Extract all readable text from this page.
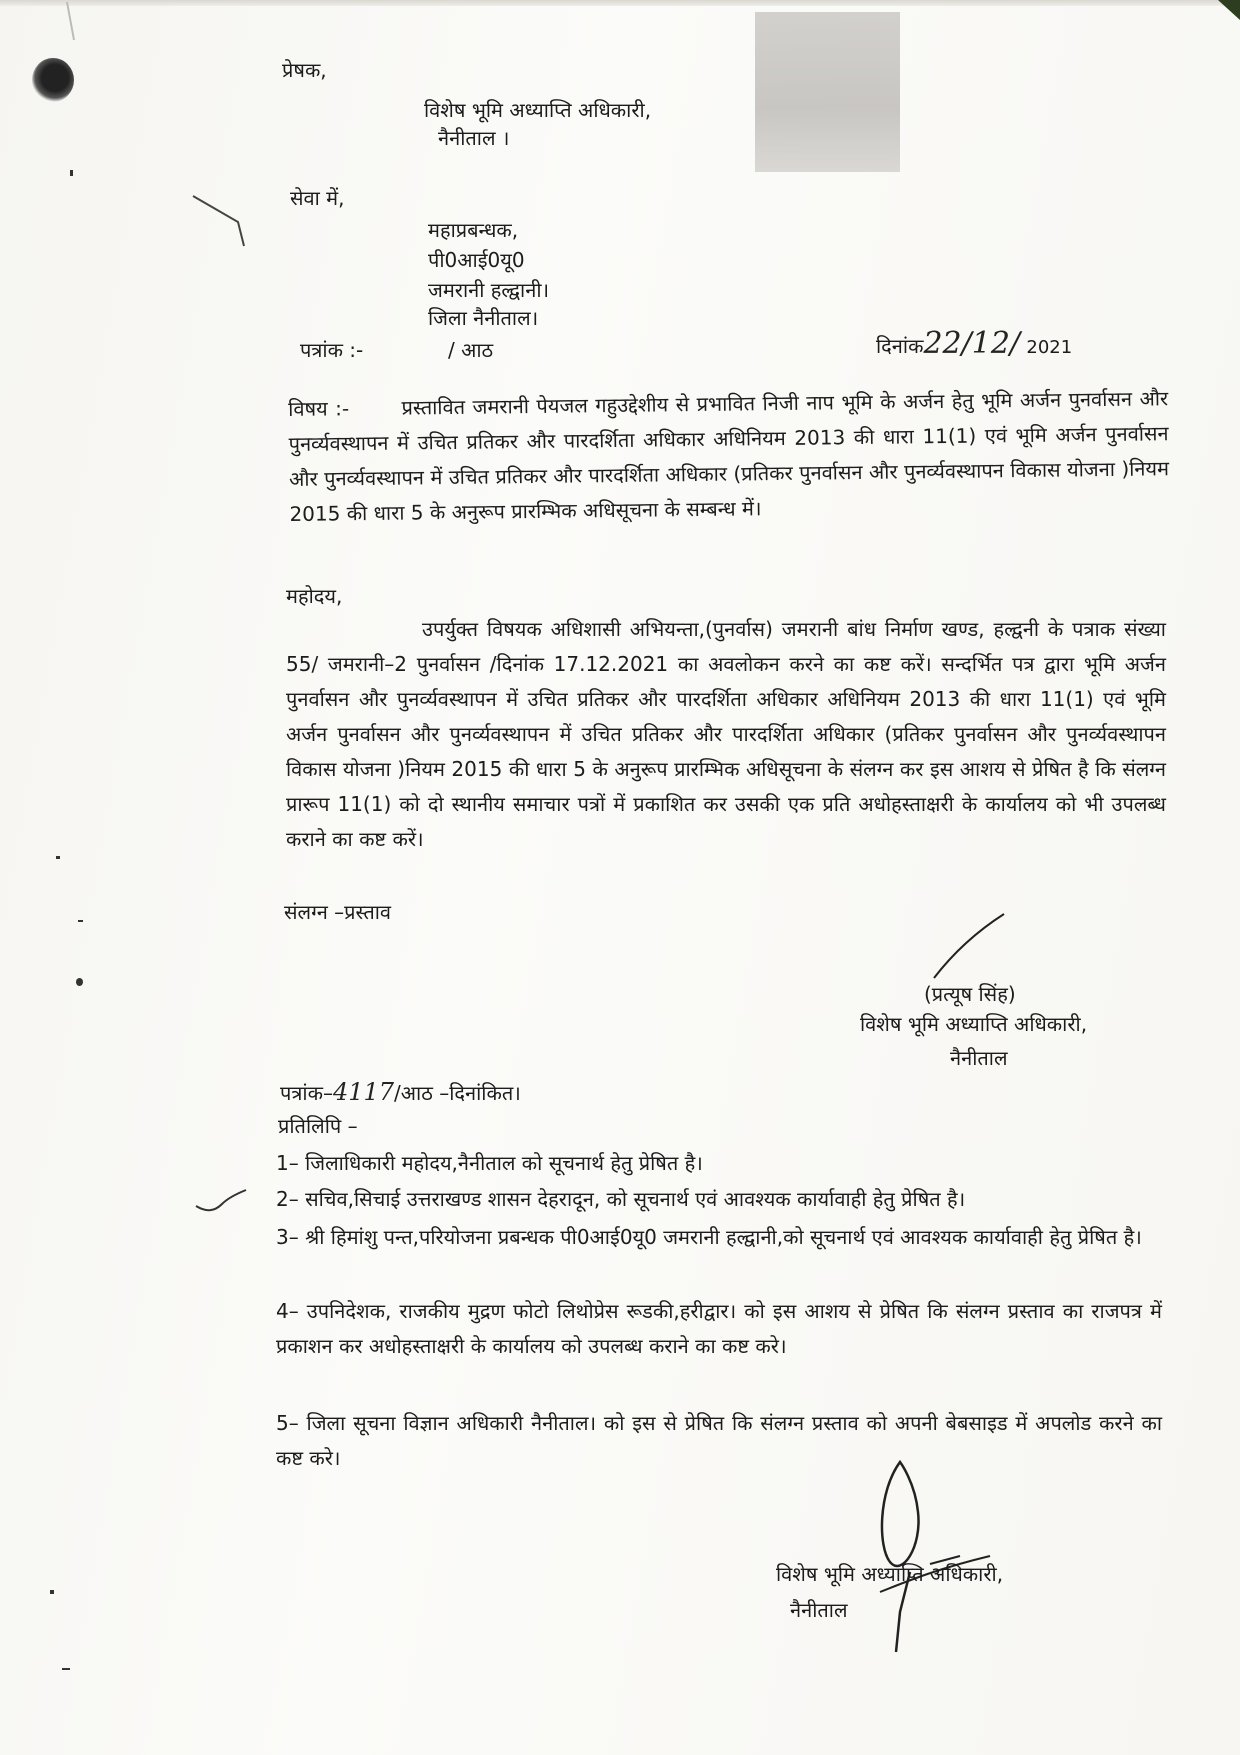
प्रेषक,
विशेष भूमि अध्याप्ति अधिकारी,
नैनीताल ।
सेवा में,
महाप्रबन्धक,
पी0आई0यू0
जमरानी हल्द्वानी।
जिला नैनीताल।
पत्रांक :-	/ आठ	दिनांक22/12/ 2021
विषय :-	प्रस्तावित जमरानी पेयजल गहुउद्देशीय से प्रभावित निजी नाप भूमि के अर्जन हेतु भूमि अर्जन पुनर्वासन और पुनर्व्यवस्थापन में उचित प्रतिकर और पारदर्शिता अधिकार अधिनियम 2013 की धारा 11(1) एवं भूमि अर्जन पुनर्वासन और पुनर्व्यवस्थापन में उचित प्रतिकर और पारदर्शिता अधिकार (प्रतिकर पुनर्वासन और पुनर्व्यवस्थापन विकास योजना )नियम 2015 की धारा 5 के अनुरूप प्रारम्भिक अधिसूचना के सम्बन्ध में।
महोदय,
उपर्युक्त विषयक अधिशासी अभियन्ता,(पुनर्वास) जमरानी बांध निर्माण खण्ड, हल्द्वनी के पत्राक संख्या 55/ जमरानी–2 पुनर्वासन /दिनांक 17.12.2021 का अवलोकन करने का कष्ट करें। सन्दर्भित पत्र द्वारा भूमि अर्जन पुनर्वासन और पुनर्व्यवस्थापन में उचित प्रतिकर और पारदर्शिता अधिकार अधिनियम 2013 की धारा 11(1) एवं भूमि अर्जन पुनर्वासन और पुनर्व्यवस्थापन में उचित प्रतिकर और पारदर्शिता अधिकार (प्रतिकर पुनर्वासन और पुनर्व्यवस्थापन विकास योजना )नियम 2015 की धारा 5 के अनुरूप प्रारम्भिक अधिसूचना के संलग्न कर इस आशय से प्रेषित है कि संलग्न प्रारूप 11(1) को दो स्थानीय समाचार पत्रों में प्रकाशित कर उसकी एक प्रति अधोहस्ताक्षरी के कार्यालय को भी उपलब्ध कराने का कष्ट करें।
संलग्न –प्रस्ताव
(प्रत्यूष सिंह)
विशेष भूमि अध्याप्ति अधिकारी,
नैनीताल
पत्रांक–4117/आठ –दिनांकित।
प्रतिलिपि –
1– जिलाधिकारी महोदय,नैनीताल को सूचनार्थ हेतु प्रेषित है।
2– सचिव,सिचाई उत्तराखण्ड शासन देहरादून, को सूचनार्थ एवं आवश्यक कार्यावाही हेतु प्रेषित है।
3– श्री हिमांशु पन्त,परियोजना प्रबन्धक पी0आई0यू0 जमरानी हल्द्वानी,को सूचनार्थ एवं आवश्यक कार्यावाही हेतु प्रेषित है।
4– उपनिदेशक, राजकीय मुद्रण फोटो लिथोप्रेस रूडकी,हरीद्वार। को इस आशय से प्रेषित कि संलग्न प्रस्ताव का राजपत्र में प्रकाशन कर अधोहस्ताक्षरी के कार्यालय को उपलब्ध कराने का कष्ट करे।
5– जिला सूचना विज्ञान अधिकारी नैनीताल। को इस से प्रेषित कि संलग्न प्रस्ताव को अपनी बेबसाइड में अपलोड करने का कष्ट करे।
विशेष भूमि अध्याप्ति अधिकारी,
नैनीताल
